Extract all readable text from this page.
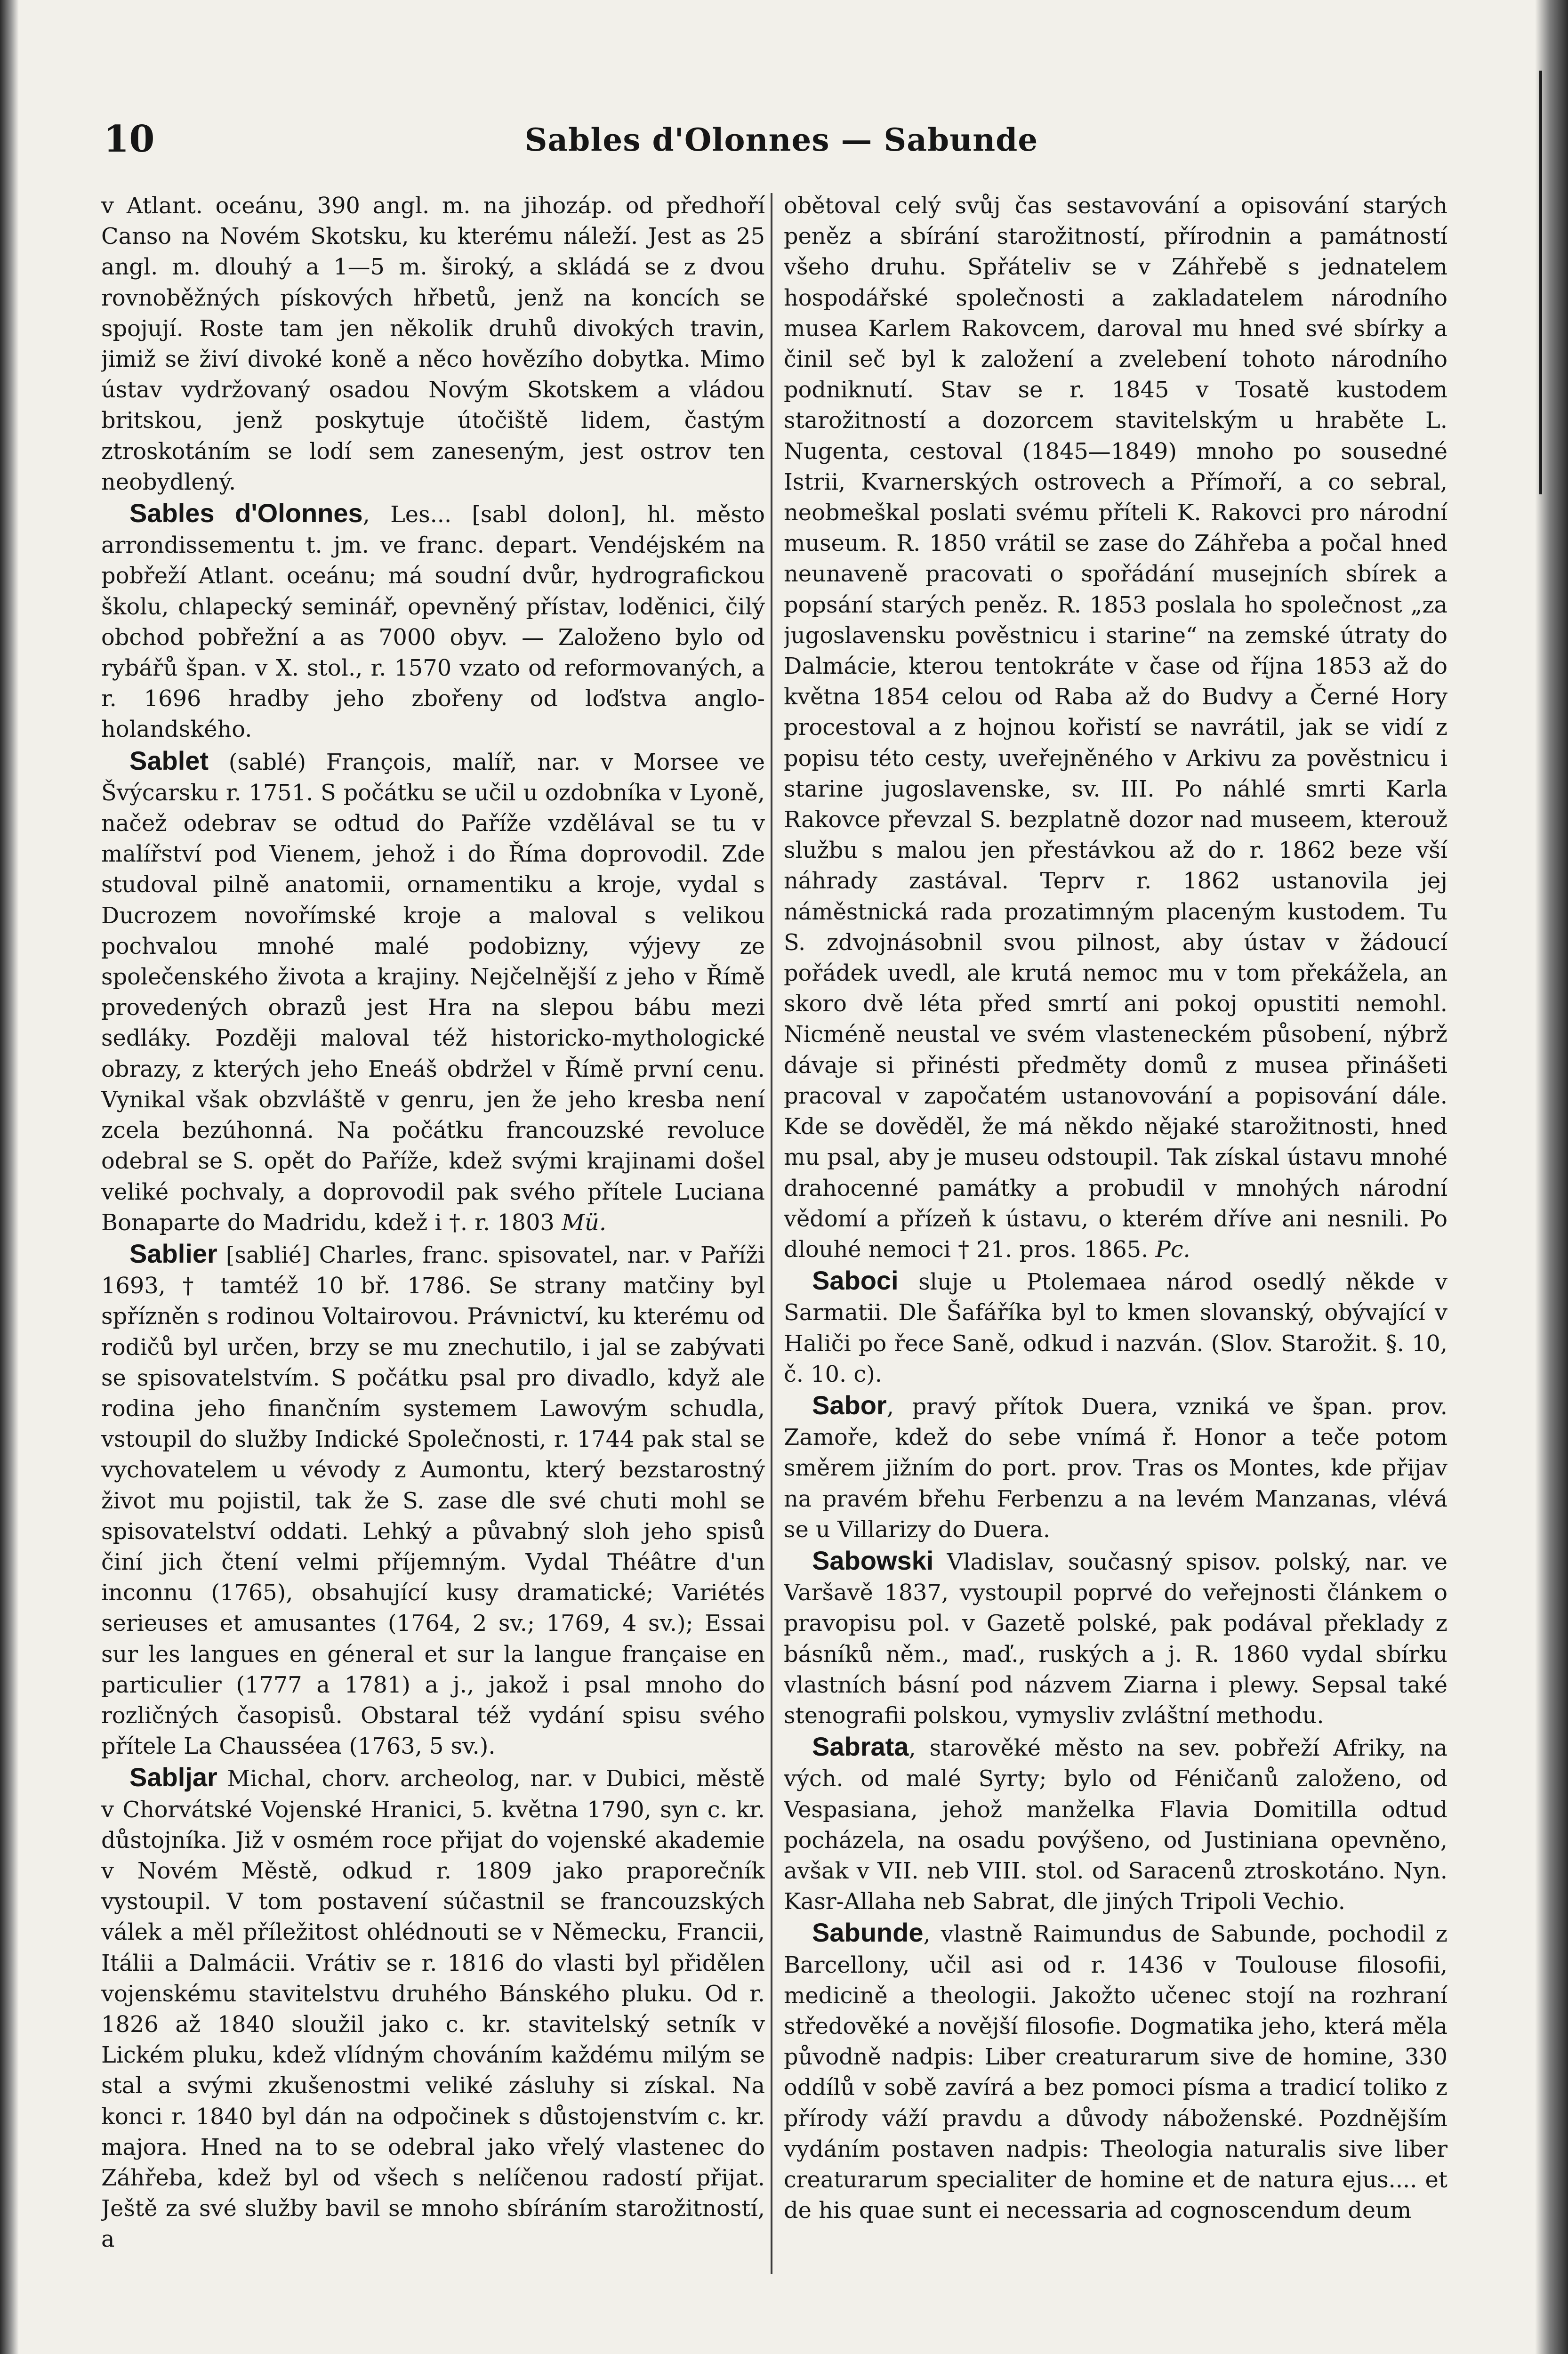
10	Sables d'Olonnes — Sabunde

v Atlant. oceánu, 390 angl. m. na jihozáp. od předhoří Canso na Novém Skotsku, ku kterému náleží. Jest as 25 angl. m. dlouhý a 1—5 m. široký, a skládá se z dvou rovnoběžných pískových hřbetů, jenž na koncích se spojují. Roste tam jen několik druhů divokých travin, jimiž se živí divoké koně a něco hovězího dobytka. Mimo ústav vydržovaný osadou Novým Skotskem a vládou britskou, jenž poskytuje útočiště lidem, častým ztroskotáním se lodí sem zaneseným, jest ostrov ten neobydlený.

Sables d'Olonnes, Les... [sabl dolon], hl. město arrondissementu t. jm. ve franc. depart. Vendéjském na pobřeží Atlant. oceánu; má soudní dvůr, hydrografickou školu, chlapecký seminář, opevněný přístav, loděnici, čilý obchod pobřežní a as 7000 obyv. — Založeno bylo od rybářů špan. v X. stol., r. 1570 vzato od reformovaných, a r. 1696 hradby jeho zbořeny od loďstva anglo-holandského.

Sablet (sablé) François, malíř, nar. v Morsee ve Švýcarsku r. 1751. S počátku se učil u ozdobníka v Lyoně, načež odebrav se odtud do Paříže vzdělával se tu v malířství pod Vienem, jehož i do Říma doprovodil. Zde studoval pilně anatomii, ornamentiku a kroje, vydal s Ducrozem novořímské kroje a maloval s velikou pochvalou mnohé malé podobizny, výjevy ze společenského života a krajiny. Nejčelnější z jeho v Římě provedených obrazů jest Hra na slepou bábu mezi sedláky. Později maloval též historicko-mythologické obrazy, z kterých jeho Eneáš obdržel v Římě první cenu. Vynikal však obzvláště v genru, jen že jeho kresba není zcela bezúhonná. Na počátku francouzské revoluce odebral se S. opět do Paříže, kdež svými krajinami došel veliké pochvaly, a doprovodil pak svého přítele Luciana Bonaparte do Madridu, kdež i †. r. 1803 Mü.

Sablier [sablié] Charles, franc. spisovatel, nar. v Paříži 1693, † tamtéž 10 bř. 1786. Se strany matčiny byl spřízněn s rodinou Voltairovou. Právnictví, ku kterému od rodičů byl určen, brzy se mu znechutilo, i jal se zabývati se spisovatelstvím. S počátku psal pro divadlo, když ale rodina jeho finančním systemem Lawovým schudla, vstoupil do služby Indické Společnosti, r. 1744 pak stal se vychovatelem u vévody z Aumontu, který bezstarostný život mu pojistil, tak že S. zase dle své chuti mohl se spisovatelství oddati. Lehký a půvabný sloh jeho spisů činí jich čtení velmi příjemným. Vydal Théâtre d'un inconnu (1765), obsahující kusy dramatické; Variétés serieuses et amusantes (1764, 2 sv.; 1769, 4 sv.); Essai sur les langues en géneral et sur la langue française en particulier (1777 a 1781) a j., jakož i psal mnoho do rozličných časopisů. Obstaral též vydání spisu svého přítele La Chausséea (1763, 5 sv.).

Sabljar Michal, chorv. archeolog, nar. v Dubici, městě v Chorvátské Vojenské Hranici, 5. května 1790, syn c. kr. důstojníka. Již v osmém roce přijat do vojenské akademie v Novém Městě, odkud r. 1809 jako praporečník vystoupil. V tom postavení súčastnil se francouzských válek a měl příležitost ohlédnouti se v Německu, Francii, Itálii a Dalmácii. Vrátiv se r. 1816 do vlasti byl přidělen vojenskému stavitelstvu druhého Bánského pluku. Od r. 1826 až 1840 sloužil jako c. kr. stavitelský setník v Lickém pluku, kdež vlídným chováním každému milým se stal a svými zkušenostmi veliké zásluhy si získal. Na konci r. 1840 byl dán na odpočinek s důstojenstvím c. kr. majora. Hned na to se odebral jako vřelý vlastenec do Záhřeba, kdež byl od všech s nelíčenou radostí přijat. Ještě za své služby bavil se mnoho sbíráním starožitností, a

obětoval celý svůj čas sestavování a opisování starých peněz a sbírání starožitností, přírodnin a památností všeho druhu. Spřáteliv se v Záhřebě s jednatelem hospodářské společnosti a zakladatelem národního musea Karlem Rakovcem, daroval mu hned své sbírky a činil seč byl k založení a zvelebení tohoto národního podniknutí. Stav se r. 1845 v Tosatě kustodem starožitností a dozorcem stavitelským u hraběte L. Nugenta, cestoval (1845—1849) mnoho po sousedné Istrii, Kvarnerských ostrovech a Přímoří, a co sebral, neobmeškal poslati svému příteli K. Rakovci pro národní museum. R. 1850 vrátil se zase do Záhřeba a počal hned neunaveně pracovati o spořádání musejních sbírek a popsání starých peněz. R. 1853 poslala ho společnost „za jugoslavensku pověstnicu i starine“ na zemské útraty do Dalmácie, kterou tentokráte v čase od října 1853 až do května 1854 celou od Raba až do Budvy a Černé Hory procestoval a z hojnou kořistí se navrátil, jak se vidí z popisu této cesty, uveřejněného v Arkivu za pověstnicu i starine jugoslavenske, sv. III. Po náhlé smrti Karla Rakovce převzal S. bezplatně dozor nad museem, kterouž službu s malou jen přestávkou až do r. 1862 beze vší náhrady zastával. Teprv r. 1862 ustanovila jej náměstnická rada prozatimným placeným kustodem. Tu S. zdvojnásobnil svou pilnost, aby ústav v žádoucí pořádek uvedl, ale krutá nemoc mu v tom překážela, an skoro dvě léta před smrtí ani pokoj opustiti nemohl. Nicméně neustal ve svém vlasteneckém působení, nýbrž dávaje si přinésti předměty domů z musea přinášeti pracoval v započatém ustanovování a popisování dále. Kde se dověděl, že má někdo nějaké starožitnosti, hned mu psal, aby je museu odstoupil. Tak získal ústavu mnohé drahocenné památky a probudil v mnohých národní vědomí a přízeň k ústavu, o kterém dříve ani nesnili. Po dlouhé nemoci † 21. pros. 1865. Pc.

Saboci sluje u Ptolemaea národ osedlý někde v Sarmatii. Dle Šafáříka byl to kmen slovanský, obývající v Haliči po řece Saně, odkud i nazván. (Slov. Starožit. §. 10, č. 10. c).

Sabor, pravý přítok Duera, vzniká ve špan. prov. Zamoře, kdež do sebe vnímá ř. Honor a teče potom směrem jižním do port. prov. Tras os Montes, kde přijav na pravém břehu Ferbenzu a na levém Manzanas, vlévá se u Villarizy do Duera.

Sabowski Vladislav, současný spisov. polský, nar. ve Varšavě 1837, vystoupil poprvé do veřejnosti článkem o pravopisu pol. v Gazetě polské, pak podával překlady z básníků něm., maď., ruských a j. R. 1860 vydal sbírku vlastních básní pod názvem Ziarna i plewy. Sepsal také stenografii polskou, vymysliv zvláštní methodu.

Sabrata, starověké město na sev. pobřeží Afriky, na vých. od malé Syrty; bylo od Féničanů založeno, od Vespasiana, jehož manželka Flavia Domitilla odtud pocházela, na osadu povýšeno, od Justiniana opevněno, avšak v VII. neb VIII. stol. od Saracenů ztroskotáno. Nyn. Kasr-Allaha neb Sabrat, dle jiných Tripoli Vechio.

Sabunde, vlastně Raimundus de Sabunde, pochodil z Barcellony, učil asi od r. 1436 v Toulouse filosofii, medicině a theologii. Jakožto učenec stojí na rozhraní středověké a novější filosofie. Dogmatika jeho, která měla původně nadpis: Liber creaturarum sive de homine, 330 oddílů v sobě zavírá a bez pomoci písma a tradicí toliko z přírody váží pravdu a důvody náboženské. Pozdnějším vydáním postaven nadpis: Theologia naturalis sive liber creaturarum specialiter de homine et de natura ejus.... et de his quae sunt ei necessaria ad cognoscendum deum
